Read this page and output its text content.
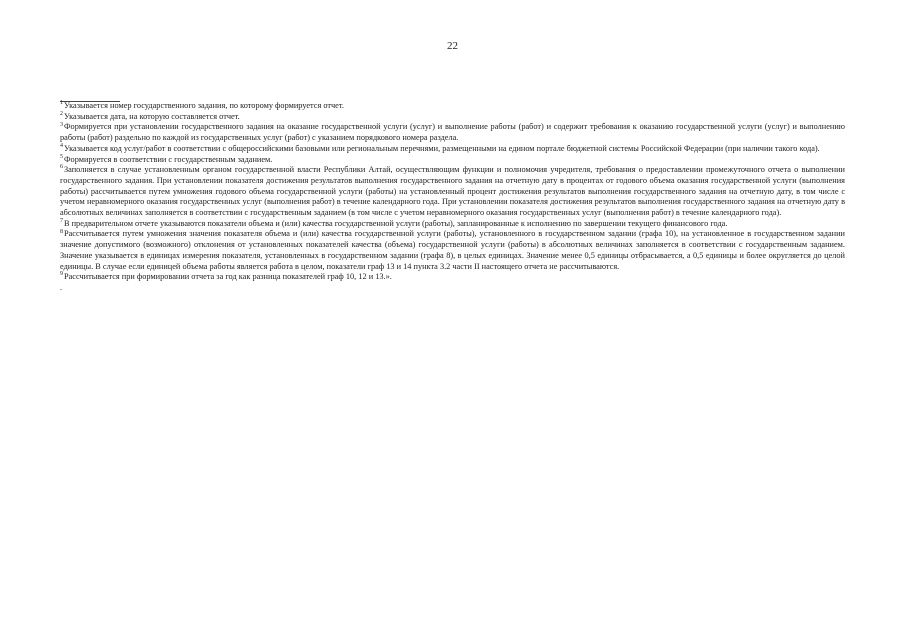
22

$^1$Указывается номер государственного задания, по которому формируется отчет.

$^2$Указывается дата, на которую составляется отчет.

$^3$Формируется при установлении государственного задания на оказание государственной услуги (услуг) и выполнение работы (работ) и содержит требования к оказанию государственной услуги (услуг) и выполнению работы (работ) раздельно по каждой из государственных услуг (работ) с указанием порядкового номера раздела.

$^4$Указывается код услуг/работ в соответствии с общероссийскими базовыми или региональным перечнями, размещенными на едином портале бюджетной системы Российской Федерации (при наличии такого кода).

$^5$Формируется в соответствии с государственным заданием.

$^6$Заполняется в случае установленным органом государственной власти Республики Алтай, осуществляющим функции и полномочия учредителя, требования о предоставлении промежуточного отчета о выполнении государственного задания. При установлении показателя достижения результатов выполнения государственного задания на отчетную дату в процентах от годового объема оказания государственной услуги (выполнения работы) рассчитывается путем умножения годового объема государственной услуги (работы) на установленный процент достижения результатов выполнения государственного задания на отчетную дату, в том числе с учетом неравномерного оказания государственных услуг (выполнения работ) в течение календарного года. При установлении показателя достижения результатов выполнения государственного задания на отчетную дату в абсолютных величинах заполняется в соответствии с государственным заданием (в том числе с учетом неравномерного оказания государственных услуг (выполнения работ) в течение календарного года).

$^7$В предварительном отчете указываются показатели объема и (или) качества государственной услуги (работы), запланированные к исполнению по завершении текущего финансового года.

$^8$Рассчитывается путем умножения значения показателя объема и (или) качества государственной услуги (работы), установленного в государственном задании (графа 10), на установленное в государственном задании значение допустимого (возможного) отклонения от установленных показателей качества (объема) государственной услуги (работы) в абсолютных величинах заполняется в соответствии с государственным заданием. Значение указывается в единицах измерения показателя, установленных в государственном задании (графа 8), в целых единицах. Значение менее 0,5 единицы отбрасывается, а 0,5 единицы и более округляется до целой единицы. В случае если единицей объема работы является работа в целом, показатели граф 13 и 14 пункта 3.2 части II настоящего отчета не рассчитываются.

$^9$Рассчитывается при формировании отчета за год как разница показателей граф 10, 12 и 13.».

.
